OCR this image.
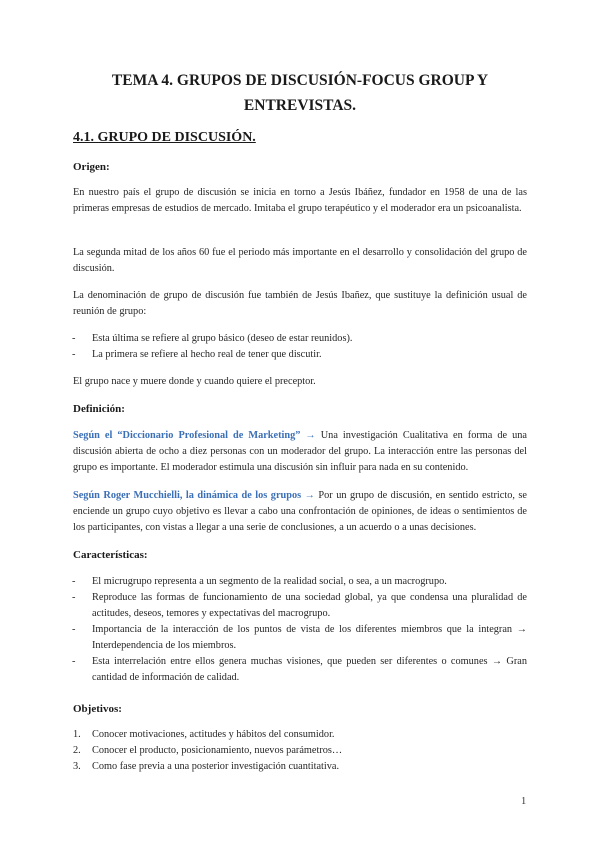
TEMA 4. GRUPOS DE DISCUSIÓN-FOCUS GROUP Y

ENTREVISTAS.

4.1. GRUPO DE DISCUSIÓN.

Origen:

En nuestro país el grupo de discusión se inicia en torno a Jesús Ibáñez, fundador en 1958 de una de las primeras empresas de estudios de mercado. Imitaba el grupo terapéutico y el moderador era un psicoanalista.

La segunda mitad de los años 60 fue el periodo más importante en el desarrollo y consolidación del grupo de discusión.

La denominación de grupo de discusión fue también de Jesús Ibañez, que sustituye la definición usual de reunión de grupo:

- Esta última se refiere al grupo básico (deseo de estar reunidos).
- La primera se refiere al hecho real de tener que discutir.

El grupo nace y muere donde y cuando quiere el preceptor.

Definición:

Según el “Diccionario Profesional de Marketing” → Una investigación Cualitativa en forma de una discusión abierta de ocho a diez personas con un moderador del grupo. La interacción entre las personas del grupo es importante. El moderador estimula una discusión sin influir para nada en su contenido.

Según Roger Mucchielli, la dinámica de los grupos → Por un grupo de discusión, en sentido estricto, se enciende un grupo cuyo objetivo es llevar a cabo una confrontación de opiniones, de ideas o sentimientos de los participantes, con vistas a llegar a una serie de conclusiones, a un acuerdo o a unas decisiones.

Características:

- El micrugrupo representa a un segmento de la realidad social, o sea, a un macrogrupo.
- Reproduce las formas de funcionamiento de una sociedad global, ya que condensa una pluralidad de actitudes, deseos, temores y expectativas del macrogrupo.
- Importancia de la interacción de los puntos de vista de los diferentes miembros que la integran → Interdependencia de los miembros.
- Esta interrelación entre ellos genera muchas visiones, que pueden ser diferentes o comunes → Gran cantidad de información de calidad.

Objetivos:

1. Conocer motivaciones, actitudes y hábitos del consumidor.
2. Conocer el producto, posicionamiento, nuevos parámetros…
3. Como fase previa a una posterior investigación cuantitativa.
1
